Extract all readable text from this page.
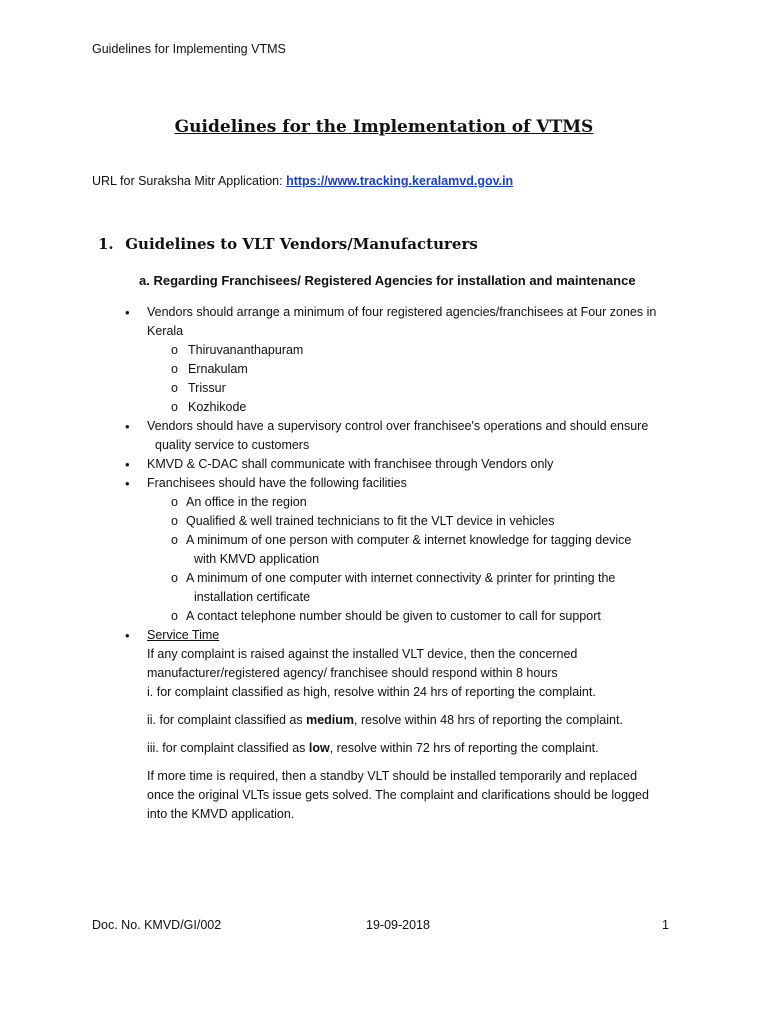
Guidelines for Implementing VTMS
Guidelines for the Implementation of VTMS
URL for Suraksha Mitr Application: https://www.tracking.keralamvd.gov.in
1. Guidelines to VLT Vendors/Manufacturers
a. Regarding Franchisees/ Registered Agencies for installation and maintenance
• Vendors should arrange a minimum of four registered agencies/franchisees at Four zones in
Kerala
o Thiruvananthapuram
o Ernakulam
o Trissur
o Kozhikode
• Vendors should have a supervisory control over franchisee's operations and should ensure
quality service to customers
• KMVD & C-DAC shall communicate with franchisee through Vendors only
• Franchisees should have the following facilities
o An office in the region
o Qualified & well trained technicians to fit the VLT device in vehicles
o A minimum of one person with computer & internet knowledge for tagging device
with KMVD application
o A minimum of one computer with internet connectivity & printer for printing the
installation certificate
o A contact telephone number should be given to customer to call for support
• Service Time
If any complaint is raised against the installed VLT device, then the concerned
manufacturer/registered agency/ franchisee should respond within 8 hours
i. for complaint classified as high, resolve within 24 hrs of reporting the complaint.
ii. for complaint classified as medium, resolve within 48 hrs of reporting the complaint.
iii. for complaint classified as low, resolve within 72 hrs of reporting the complaint.
If more time is required, then a standby VLT should be installed temporarily and replaced
once the original VLTs issue gets solved. The complaint and clarifications should be logged
into the KMVD application.
Doc. No. KMVD/GI/002	19-09-2018	1
